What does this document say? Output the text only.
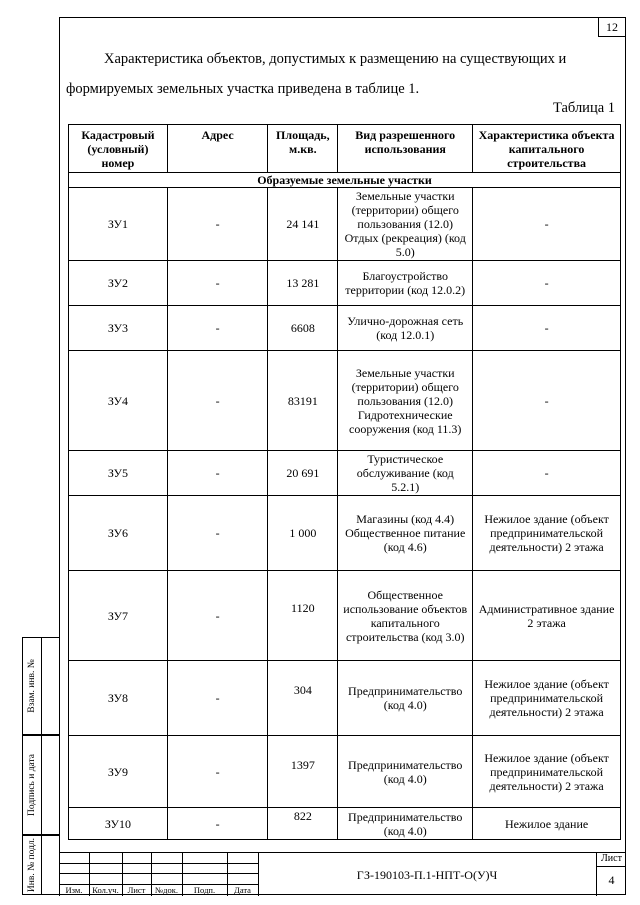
12
Характеристика объектов, допустимых к размещению на существующих и
формируемых земельных участка приведена в таблице 1.
Таблица 1
Кадастровый (условный) номер	Адрес	Площадь, м.кв.	Вид разрешенного использования	Характеристика объекта капитального строительства
Образуемые земельные участки				
ЗУ1	-	24 141	Земельные участки (территории) общего пользования (12.0) Отдых (рекреация) (код 5.0)	-
ЗУ2	-	13 281	Благоустройство территории (код 12.0.2)	-
ЗУ3	-	6608	Улично-дорожная сеть (код 12.0.1)	-
ЗУ4	-	83191	Земельные участки (территории) общего пользования (12.0) Гидротехнические сооружения (код 11.3)	-
ЗУ5	-	20 691	Туристическое обслуживание (код 5.2.1)	-
ЗУ6	-	1 000	Магазины (код 4.4) Общественное питание (код 4.6)	Нежилое здание (объект предпринимательской деятельности) 2 этажа
ЗУ7	-	1120	Общественное использование объектов капитального строительства (код 3.0)	Административное здание 2 этажа
ЗУ8	-	304	Предпринимательство (код 4.0)	Нежилое здание (объект предпринимательской деятельности) 2 этажа
ЗУ9	-	1397	Предпринимательство (код 4.0)	Нежилое здание (объект предпринимательской деятельности) 2 этажа
ЗУ10	-	822	Предпринимательство (код 4.0)	Нежилое здание
Взам. инв. №
Подпись и дата
Инв. № подл.	Изм.	Кол.уч.	Лист	№док.	Подп.	Дата
ГЗ-190103-П.1-НПТ-О(У)Ч
Лист
4
